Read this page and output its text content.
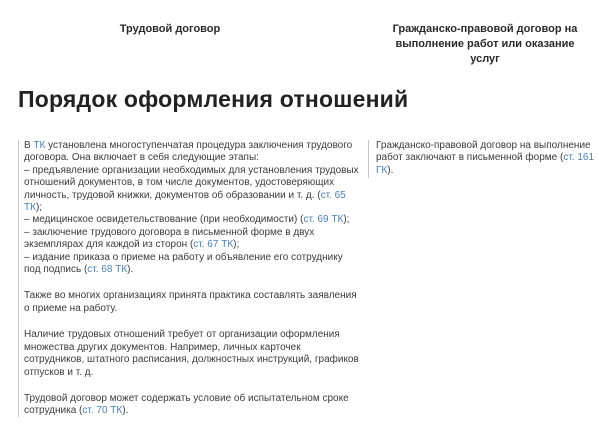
Трудовой договор	Гражданско-правовой договор на
выполнение работ или оказание услуг
Порядок оформления отношений

В ТК установлена многоступенчатая процедура заключения трудового договора. Она включает в себя следующие этапы:
– предъявление организации необходимых для установления трудовых отношений документов, в том числе документов, удостоверяющих личность, трудовой книжки, документов об образовании и т. д. (ст. 65 ТК);
– медицинское освидетельствование (при необходимости) (ст. 69 ТК);
– заключение трудового договора в письменной форме в двух экземплярах для каждой из сторон (ст. 67 ТК);
– издание приказа о приеме на работу и объявление его сотруднику под подпись (ст. 68 ТК).

Также во многих организациях принята практика составлять заявления о приеме на работу.

Наличие трудовых отношений требует от организации оформления множества других документов. Например, личных карточек сотрудников, штатного расписания, должностных инструкций, графиков отпусков и т. д.

Трудовой договор может содержать условие об испытательном сроке сотрудника (ст. 70 ТК).

Гражданско-правовой договор на выполнение работ заключают в письменной форме (ст. 161 ГК).
